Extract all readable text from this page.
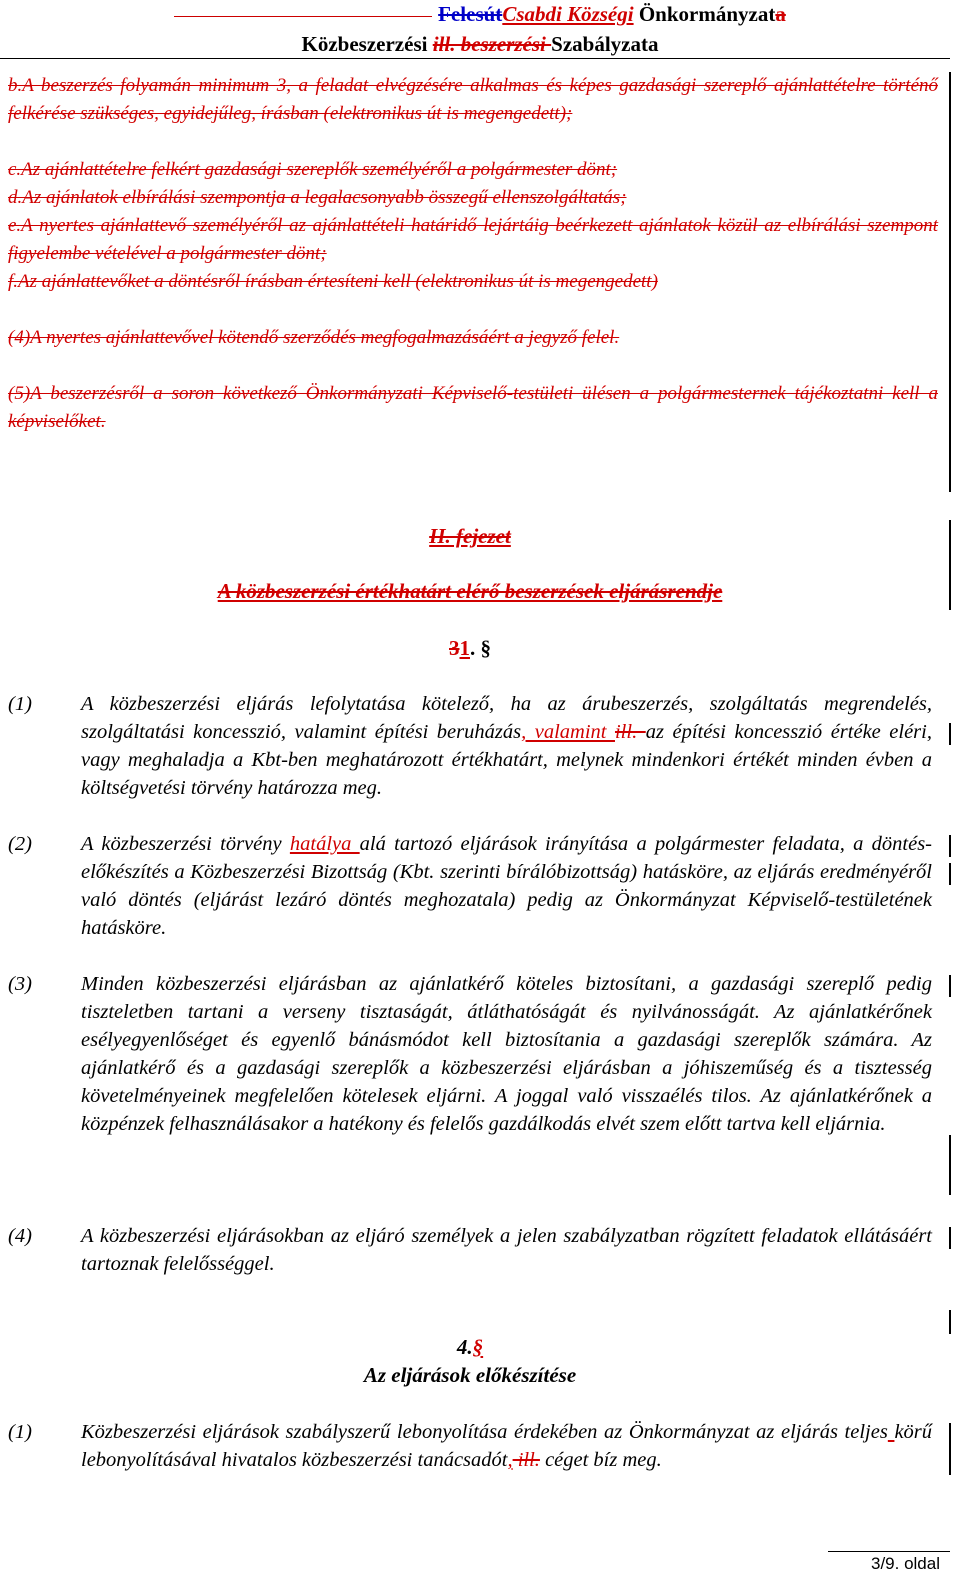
FelesútCsabdi Községi Önkormányzata
Közbeszerzési ill. beszerzési Szabályzata
b.A beszerzés folyamán minimum 3, a feladat elvégzésére alkalmas és képes gazdasági szereplő ajánlattételre történő felkérése szükséges, egyidejűleg, írásban (elektronikus út is megengedett);
c.Az ajánlattételre felkért gazdasági szereplők személyéről a polgármester dönt;
d.Az ajánlatok elbírálási szempontja a legalacsonyabb összegű ellenszolgáltatás;
e.A nyertes ajánlattevő személyéről az ajánlattételi határidő lejártáig beérkezett ajánlatok közül az elbírálási szempont figyelembe vételével a polgármester dönt;
f.Az ajánlattevőket a döntésről írásban értesíteni kell (elektronikus út is megengedett)
(4)A nyertes ajánlattevővel kötendő szerződés megfogalmazásáért a jegyző felel.
(5)A beszerzésről a soron következő Önkormányzati Képviselő-testületi ülésen a polgármesternek tájékoztatni kell a képviselőket.
II. fejezet
A közbeszerzési értékhatárt elérő beszerzések eljárásrendje
31. §
(1)	A közbeszerzési eljárás lefolytatása kötelező, ha az árubeszerzés, szolgáltatás megrendelés, szolgáltatási koncesszió, valamint építési beruházás, valamint ill. az építési koncesszió értéke eléri, vagy meghaladja a Kbt-ben meghatározott értékhatárt, melynek mindenkori értékét minden évben a költségvetési törvény határozza meg.
(2)	A közbeszerzési törvény hatálya alá tartozó eljárások irányítása a polgármester feladata, a döntés-előkészítés a Közbeszerzési Bizottság (Kbt. szerinti bírálóbizottság) hatásköre, az eljárás eredményéről való döntés (eljárást lezáró döntés meghozatala) pedig az Önkormányzat Képviselő-testületének hatásköre.
(3)	Minden közbeszerzési eljárásban az ajánlatkérő köteles biztosítani, a gazdasági szereplő pedig tiszteletben tartani a verseny tisztaságát, átláthatóságát és nyilvánosságát. Az ajánlatkérőnek esélyegyenlőséget és egyenlő bánásmódot kell biztosítania a gazdasági szereplők számára. Az ajánlatkérő és a gazdasági szereplők a közbeszerzési eljárásban a jóhiszeműség és a tisztesség követelményeinek megfelelően kötelesek eljárni. A joggal való visszaélés tilos. Az ajánlatkérőnek a közpénzek felhasználásakor a hatékony és felelős gazdálkodás elvét szem előtt tartva kell eljárnia.
(4)	A közbeszerzési eljárásokban az eljáró személyek a jelen szabályzatban rögzített feladatok ellátásáért tartoznak felelősséggel.
4.§
Az eljárások előkészítése
(1)	Közbeszerzési eljárások szabályszerű lebonyolítása érdekében az Önkormányzat az eljárás teljes körű lebonyolításával hivatalos közbeszerzési tanácsadót, ill. céget bíz meg.
3/9. oldal
